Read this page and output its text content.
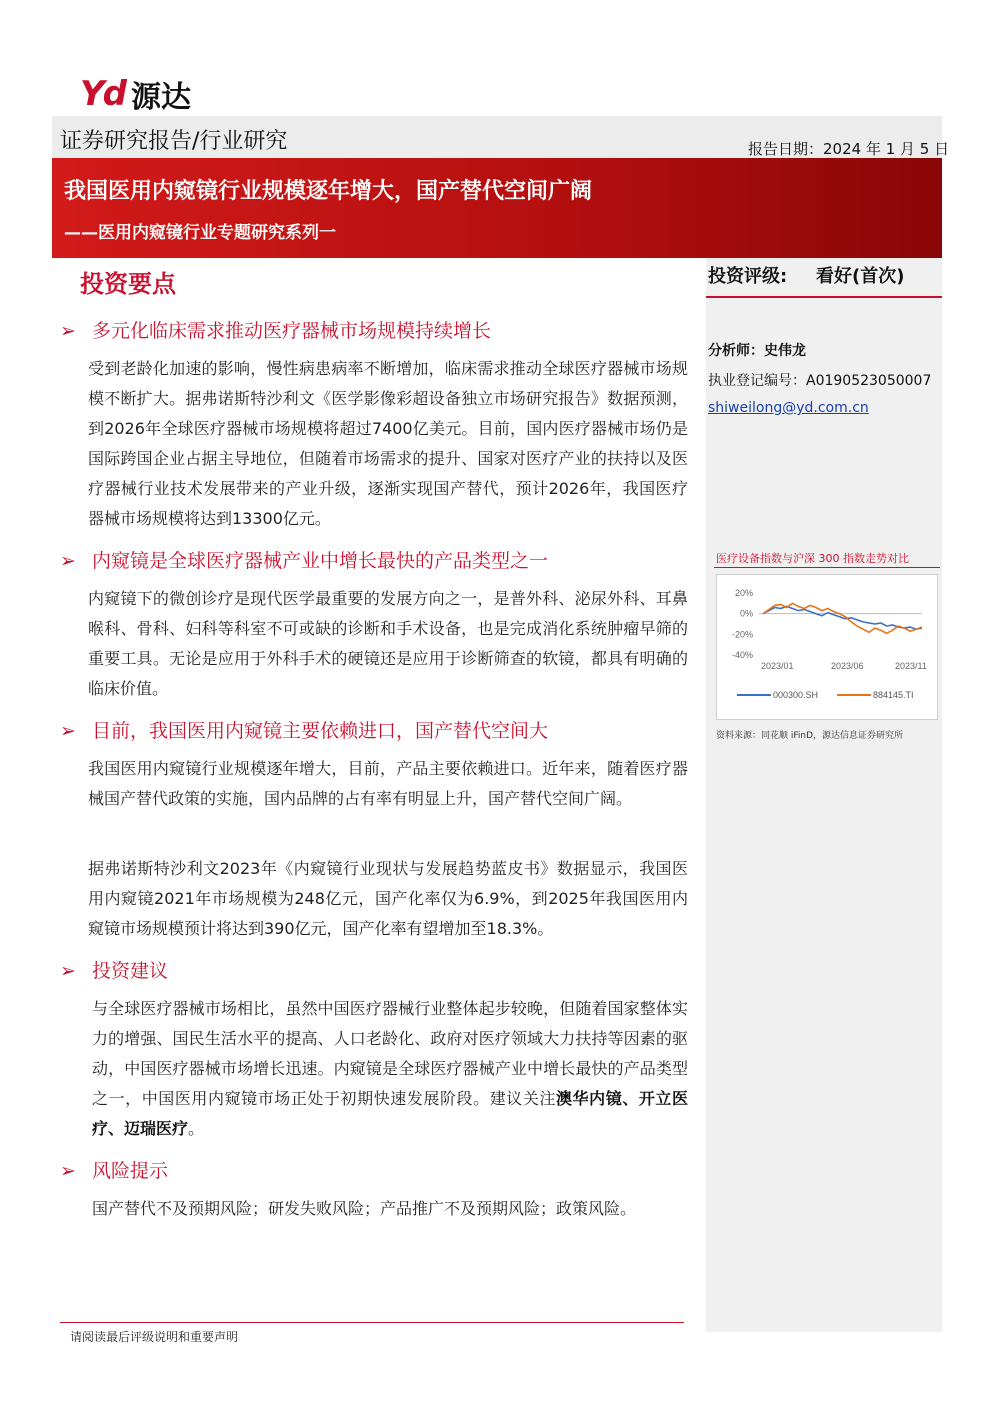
Yd 源达
证券研究报告/行业研究	报告日期：2024 年 1 月 5 日
我国医用内窥镜行业规模逐年增大，国产替代空间广阔
——医用内窥镜行业专题研究系列一
投资评级: 看好(首次)
分析师：史伟龙
执业登记编号：A0190523050007
shiweilong@yd.com.cn
医疗设备指数与沪深 300 指数走势对比
20%
0%
-20%
-40%
2023/01	2023/06	2023/11
000300.SH	884145.TI
资料来源：同花顺 iFinD，源达信息证券研究所
投资要点
➢ 多元化临床需求推动医疗器械市场规模持续增长
受到老龄化加速的影响，慢性病患病率不断增加，临床需求推动全球医疗器械市场规模不断扩大。据弗诺斯特沙利文《医学影像彩超设备独立市场研究报告》数据预测，到2026年全球医疗器械市场规模将超过7400亿美元。目前，国内医疗器械市场仍是国际跨国企业占据主导地位，但随着市场需求的提升、国家对医疗产业的扶持以及医疗器械行业技术发展带来的产业升级，逐渐实现国产替代，预计2026年，我国医疗器械市场规模将达到13300亿元。
➢ 内窥镜是全球医疗器械产业中增长最快的产品类型之一
内窥镜下的微创诊疗是现代医学最重要的发展方向之一，是普外科、泌尿外科、耳鼻喉科、骨科、妇科等科室不可或缺的诊断和手术设备，也是完成消化系统肿瘤早筛的重要工具。无论是应用于外科手术的硬镜还是应用于诊断筛查的软镜，都具有明确的临床价值。
➢ 目前，我国医用内窥镜主要依赖进口，国产替代空间大
我国医用内窥镜行业规模逐年增大，目前，产品主要依赖进口。近年来，随着医疗器械国产替代政策的实施，国内品牌的占有率有明显上升，国产替代空间广阔。
据弗诺斯特沙利文2023年《内窥镜行业现状与发展趋势蓝皮书》数据显示，我国医用内窥镜2021年市场规模为248亿元，国产化率仅为6.9%，到2025年我国医用内窥镜市场规模预计将达到390亿元，国产化率有望增加至18.3%。
➢ 投资建议
与全球医疗器械市场相比，虽然中国医疗器械行业整体起步较晚，但随着国家整体实力的增强、国民生活水平的提高、人口老龄化、政府对医疗领域大力扶持等因素的驱动，中国医疗器械市场增长迅速。内窥镜是全球医疗器械产业中增长最快的产品类型之一，中国医用内窥镜市场正处于初期快速发展阶段。建议关注澳华内镜、开立医疗、迈瑞医疗。
➢ 风险提示
国产替代不及预期风险；研发失败风险；产品推广不及预期风险；政策风险。
请阅读最后评级说明和重要声明
